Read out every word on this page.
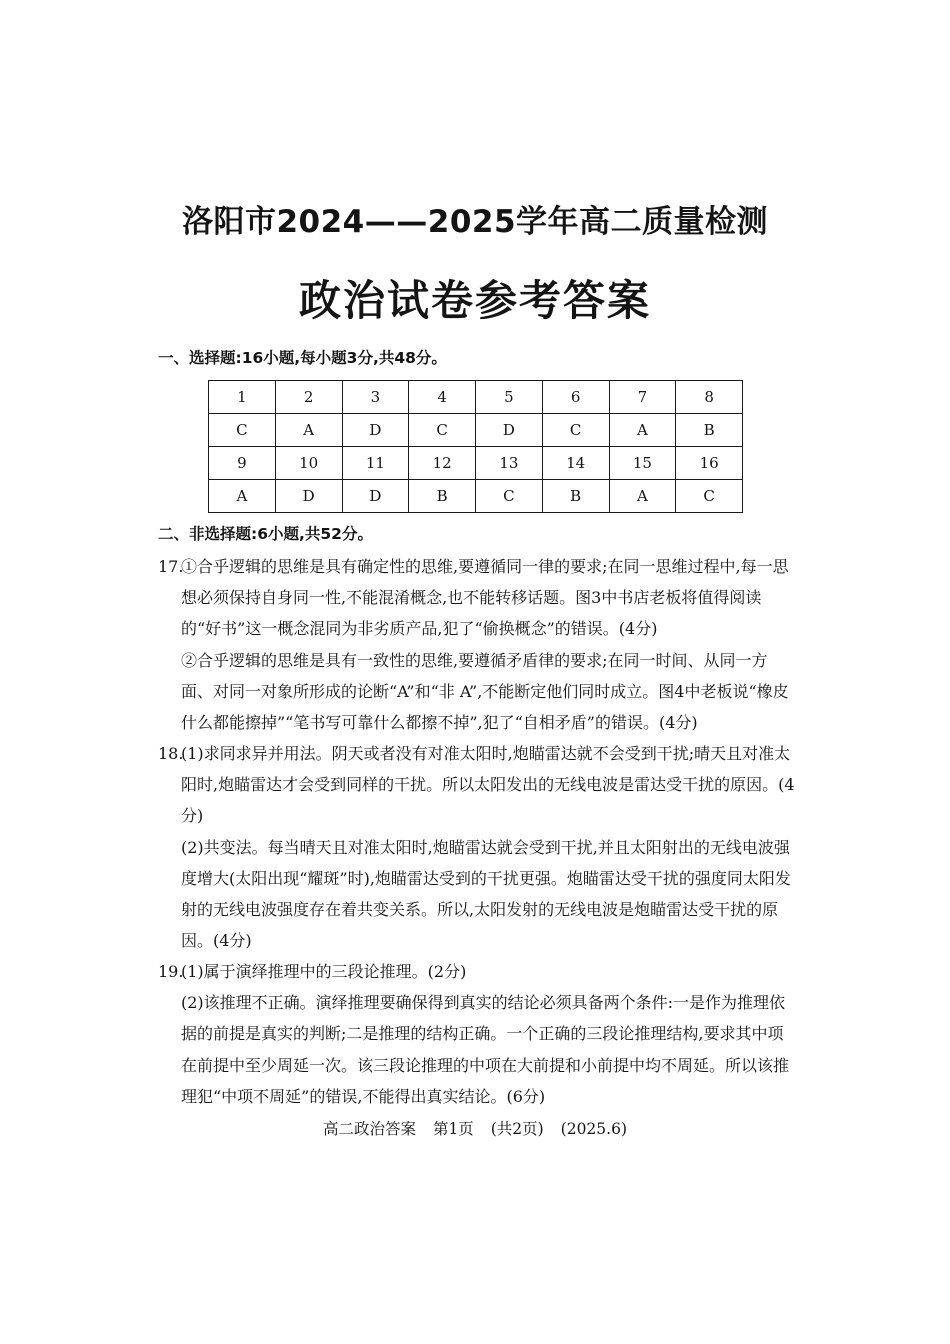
洛阳市2024——2025学年高二质量检测
政治试卷参考答案
一、选择题:16小题,每小题3分,共48分。
1	2	3	4	5	6	7	8
C	A	D	C	D	C	A	B
9	10	11	12	13	14	15	16
A	D	D	B	C	B	A	C
二、非选择题:6小题,共52分。
17.

①合乎逻辑的思维是具有确定性的思维,要遵循同一律的要求;在同一思维过程中,每一思想必须保持自身同一性,不能混淆概念,也不能转移话题。图3中书店老板将值得阅读的“好书”这一概念混同为非劣质产品,犯了“偷换概念”的错误。(4分)

②合乎逻辑的思维是具有一致性的思维,要遵循矛盾律的要求;在同一时间、从同一方面、对同一对象所形成的论断“A”和“非 A”,不能断定他们同时成立。图4中老板说“橡皮什么都能擦掉”“笔书写可靠什么都擦不掉”,犯了“自相矛盾”的错误。(4分)

18.

(1)求同求异并用法。阴天或者没有对准太阳时,炮瞄雷达就不会受到干扰;晴天且对准太阳时,炮瞄雷达才会受到同样的干扰。所以太阳发出的无线电波是雷达受干扰的原因。(4分)

(2)共变法。每当晴天且对准太阳时,炮瞄雷达就会受到干扰,并且太阳射出的无线电波强度增大(太阳出现“耀斑”时),炮瞄雷达受到的干扰更强。炮瞄雷达受干扰的强度同太阳发射的无线电波强度存在着共变关系。所以,太阳发射的无线电波是炮瞄雷达受干扰的原因。(4分)

19.

(1)属于演绎推理中的三段论推理。(2分)

(2)该推理不正确。演绎推理要确保得到真实的结论必须具备两个条件:一是作为推理依据的前提是真实的判断;二是推理的结构正确。一个正确的三段论推理结构,要求其中项在前提中至少周延一次。该三段论推理的中项在大前提和小前提中均不周延。所以该推理犯“中项不周延”的错误,不能得出真实结论。(6分)

高二政治答案 第1页 (共2页) (2025.6)
